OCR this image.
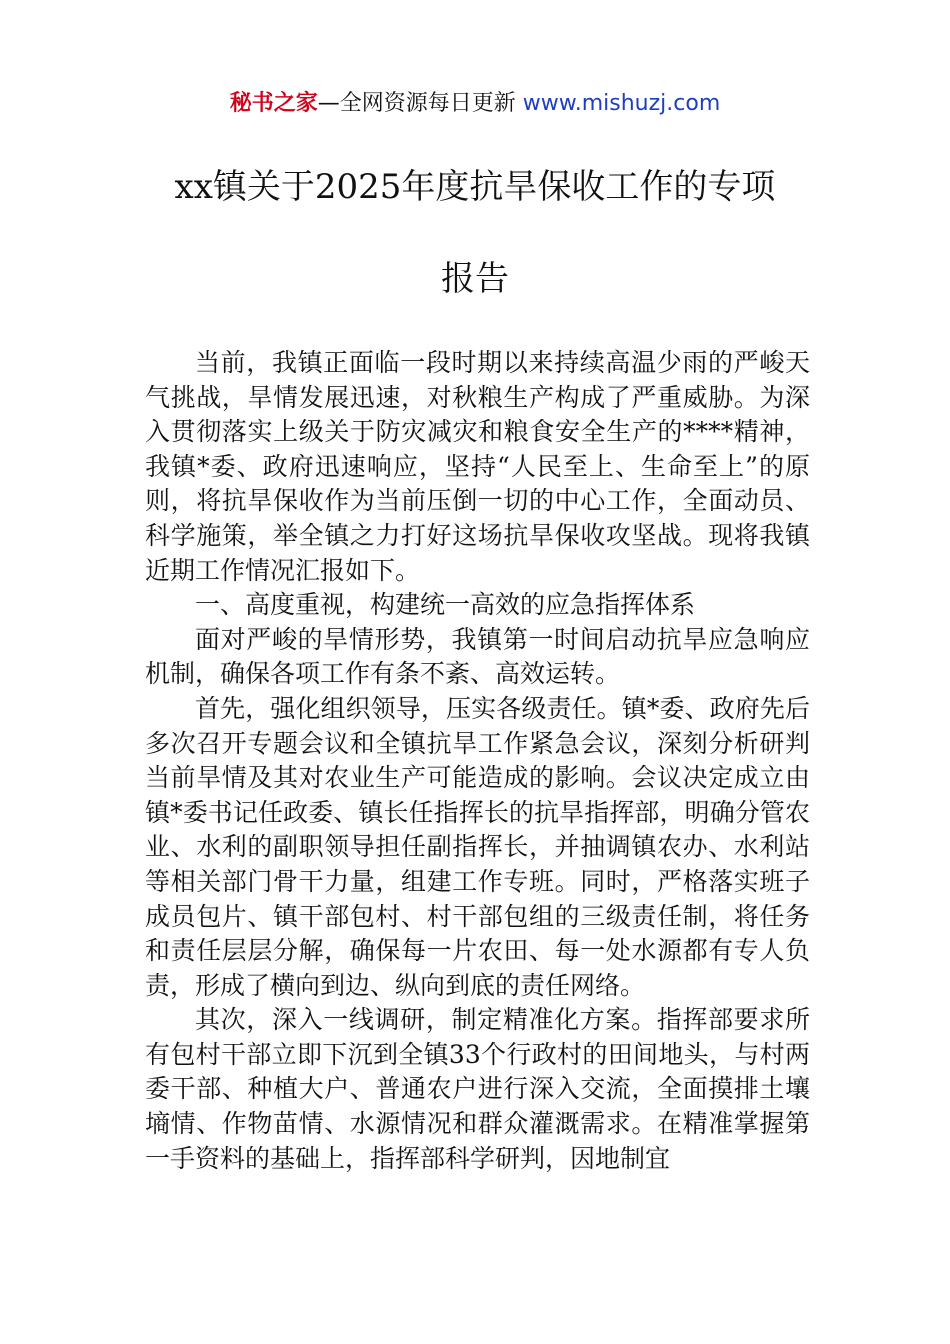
秘书之家—全网资源每日更新 www.mishuzj.com
xx镇关于2025年度抗旱保收工作的专项
报告

当前，我镇正面临一段时期以来持续高温少雨的严峻天气挑战，旱情发展迅速，对秋粮生产构成了严重威胁。为深入贯彻落实上级关于防灾减灾和粮食安全生产的****精神，我镇*委、政府迅速响应，坚持“人民至上、生命至上”的原则，将抗旱保收作为当前压倒一切的中心工作，全面动员、科学施策，举全镇之力打好这场抗旱保收攻坚战。现将我镇近期工作情况汇报如下。

一、高度重视，构建统一高效的应急指挥体系

面对严峻的旱情形势，我镇第一时间启动抗旱应急响应机制，确保各项工作有条不紊、高效运转。

首先，强化组织领导，压实各级责任。镇*委、政府先后多次召开专题会议和全镇抗旱工作紧急会议，深刻分析研判当前旱情及其对农业生产可能造成的影响。会议决定成立由镇*委书记任政委、镇长任指挥长的抗旱指挥部，明确分管农业、水利的副职领导担任副指挥长，并抽调镇农办、水利站等相关部门骨干力量，组建工作专班。同时，严格落实班子成员包片、镇干部包村、村干部包组的三级责任制，将任务和责任层层分解，确保每一片农田、每一处水源都有专人负责，形成了横向到边、纵向到底的责任网络。

其次，深入一线调研，制定精准化方案。指挥部要求所有包村干部立即下沉到全镇33个行政村的田间地头，与村两委干部、种植大户、普通农户进行深入交流，全面摸排土壤墒情、作物苗情、水源情况和群众灌溉需求。在精准掌握第一手资料的基础上，指挥部科学研判，因地制宜
